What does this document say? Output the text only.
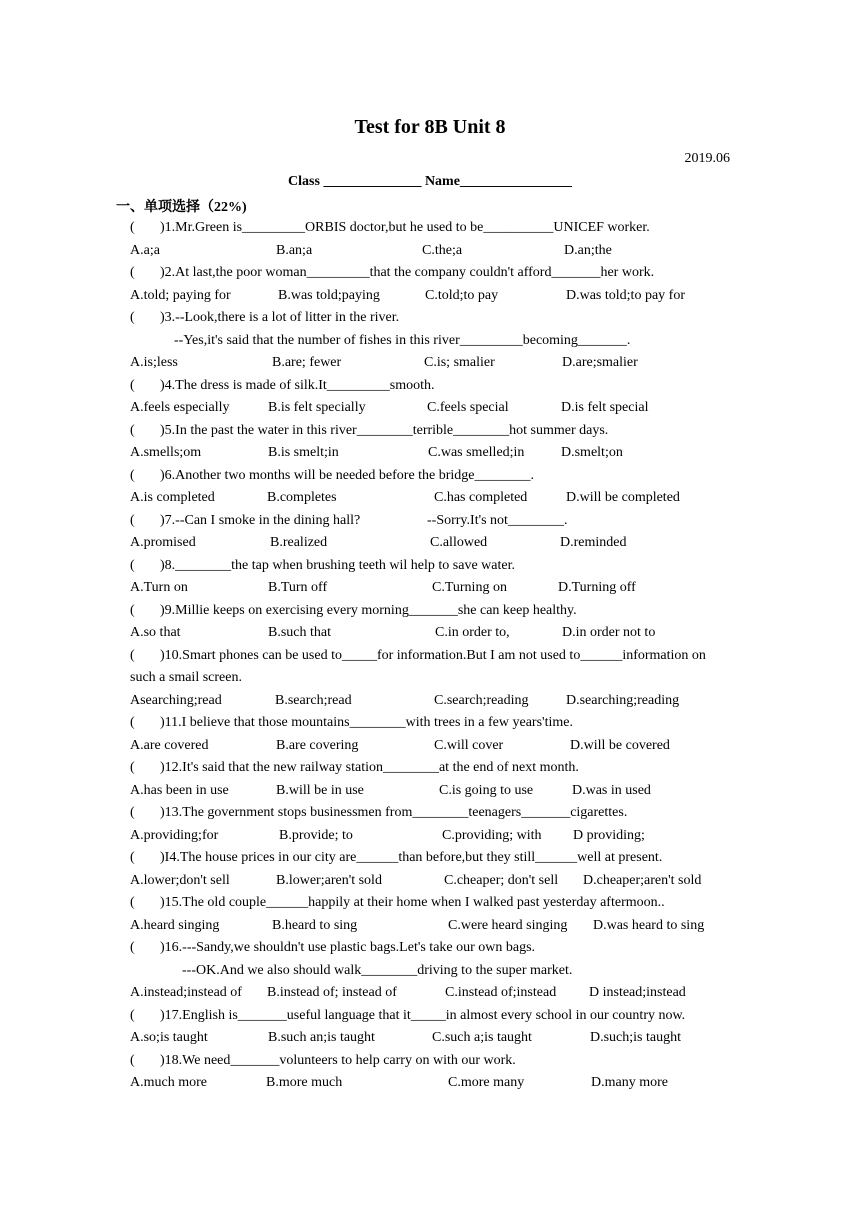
Test for 8B Unit 8
2019.06
Class ______________ Name________________
一、单项选择（22%)
( )1.Mr.Green is_________ORBIS doctor,but he used to be__________UNICEF worker.
A.a;a	B.an;a	C.the;a	D.an;the
( )2.At last,the poor woman_________that the company couldn't afford_______her work.
A.told; paying for	B.was told;paying	C.told;to pay	D.was told;to pay for
( )3.--Look,there is a lot of litter in the river.
--Yes,it's said that the number of fishes in this river_________becoming_______.
A.is;less	B.are; fewer	C.is; smalier	D.are;smalier
( )4.The dress is made of silk.It_________smooth.
A.feels especially	B.is felt specially	C.feels special	D.is felt special
( )5.In the past the water in this river________terrible________hot summer days.
A.smells;om	B.is smelt;in	C.was smelled;in	D.smelt;on
( )6.Another two months will be needed before the bridge________.
A.is completed	B.completes	C.has completed	D.will be completed
( )7.--Can I smoke in the dining hall?	--Sorry.It's not________.
A.promised	B.realized	C.allowed	D.reminded
( )8.________the tap when brushing teeth wil help to save water.
A.Turn on	B.Turn off	C.Turning on	D.Turning off
( )9.Millie keeps on exercising every morning_______she can keep healthy.
A.so that	B.such that	C.in order to,	D.in order not to
( )10.Smart phones can be used to_____for information.But I am not used to______information on such a smail screen.
Asearching;read	B.search;read	C.search;reading	D.searching;reading
( )11.I believe that those mountains________with trees in a few years'time.
A.are covered	B.are covering	C.will cover	D.will be covered
( )12.It's said that the new railway station________at the end of next month.
A.has been in use	B.will be in use	C.is going to use	D.was in used
( )13.The government stops businessmen from________teenagers_______cigarettes.
A.providing;for	B.provide; to	C.providing; with D providing;
( )I4.The house prices in our city are______than before,but they still______well at present.
A.lower;don't sell	B.lower;aren't sold	C.cheaper; don't sell D.cheaper;aren't sold
( )15.The old couple______happily at their home when I walked past yesterday aftermoon..
A.heard singing	B.heard to sing	C.were heard singing D.was heard to sing
( )16.---Sandy,we shouldn't use plastic bags.Let's take our own bags.
---OK.And we also should walk________driving to the super market.
A.instead;instead of B.instead of; instead of	C.instead of;instead D instead;instead
( )17.English is_______useful language that it_____in almost every school in our country now.
A.so;is taught	B.such an;is taught	C.such a;is taught	D.such;is taught
( )18.We need_______volunteers to help carry on with our work.
A.much more	B.more much	C.more many	D.many more
